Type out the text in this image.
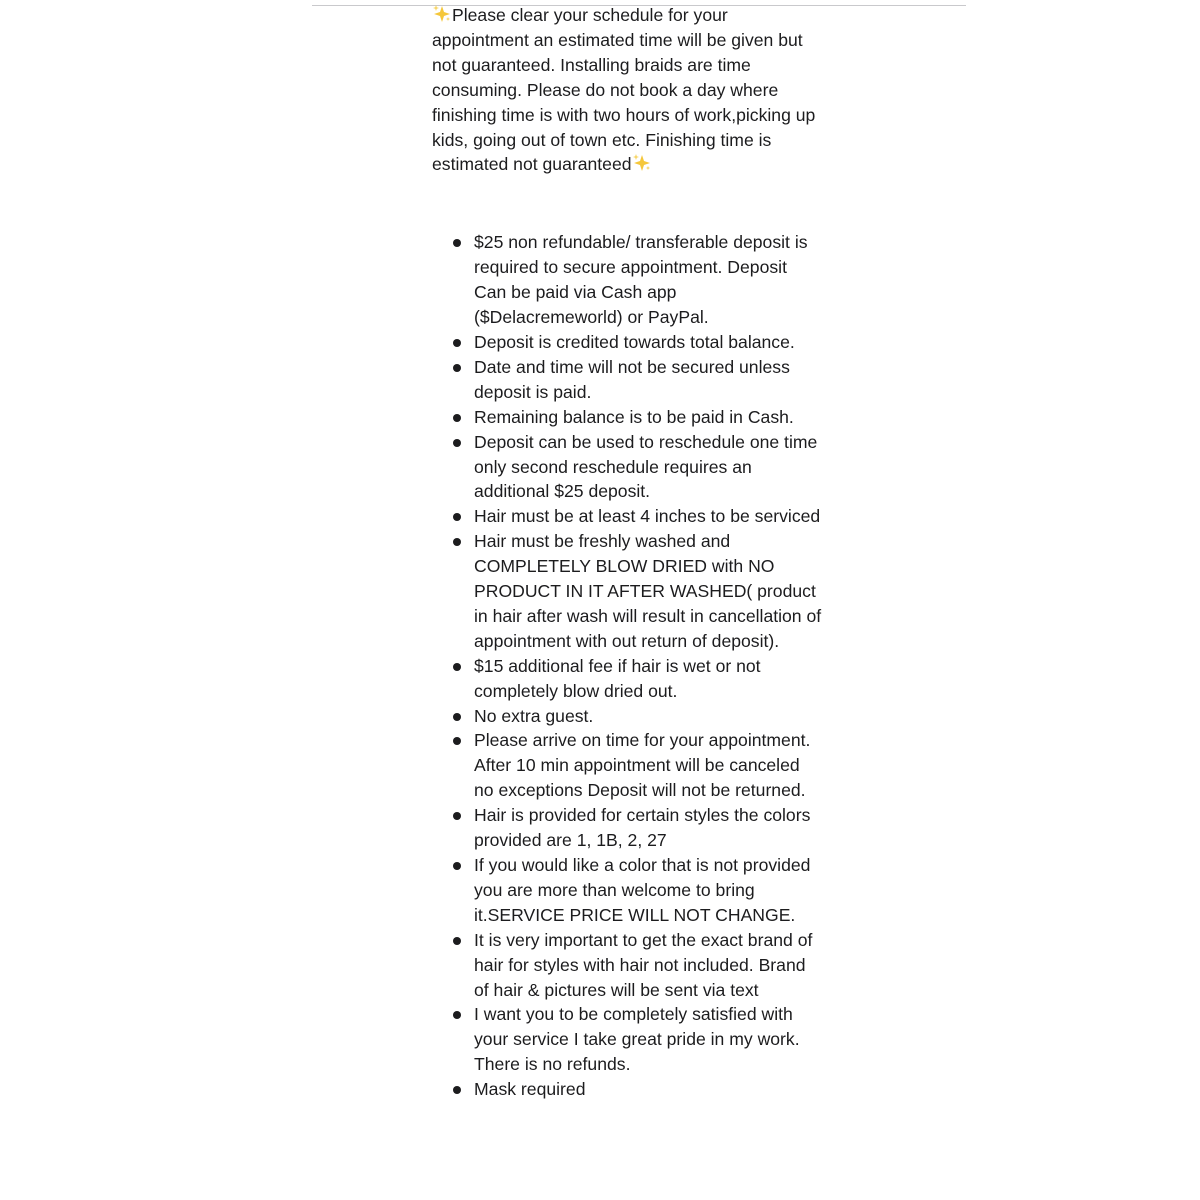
Please clear your schedule for your appointment an estimated time will be given but not guaranteed. Installing braids are time consuming. Please do not book a day where finishing time is with two hours of work,picking up kids, going out of town etc. Finishing time is estimated not guaranteed

$25 non refundable/ transferable deposit is required to secure appointment. Deposit Can be paid via Cash app ($Delacremeworld) or PayPal.
Deposit is credited towards total balance.
Date and time will not be secured unless deposit is paid.
Remaining balance is to be paid in Cash.
Deposit can be used to reschedule one time only second reschedule requires an additional $25 deposit.
Hair must be at least 4 inches to be serviced
Hair must be freshly washed and COMPLETELY BLOW DRIED with NO PRODUCT IN IT AFTER WASHED( product in hair after wash will result in cancellation of appointment with out return of deposit).
$15 additional fee if hair is wet or not completely blow dried out.
No extra guest.
Please arrive on time for your appointment. After 10 min appointment will be canceled no exceptions Deposit will not be returned.
Hair is provided for certain styles the colors provided are 1, 1B, 2, 27
If you would like a color that is not provided you are more than welcome to bring it.SERVICE PRICE WILL NOT CHANGE.
It is very important to get the exact brand of hair for styles with hair not included. Brand of hair & pictures will be sent via text
I want you to be completely satisfied with your service I take great pride in my work. There is no refunds.
Mask required
